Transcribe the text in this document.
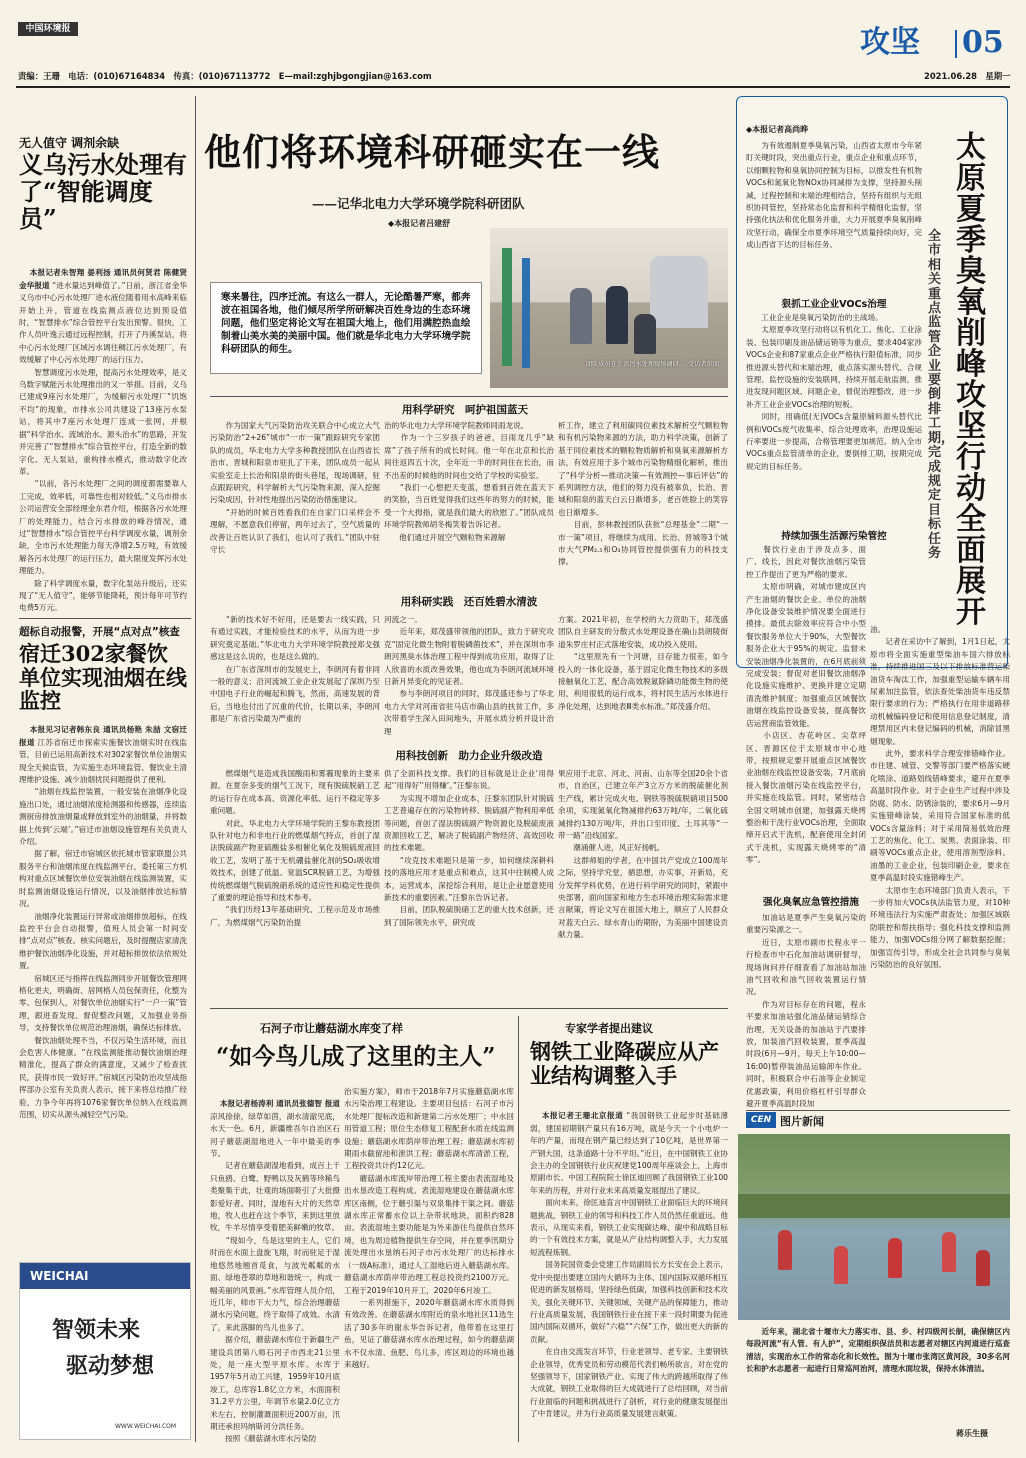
中国环境报	攻坚 05
责编：王珊　电话：(010)67164834　传真：(010)67113772　E—mail:zghjbgongjian@163.com	2021.06.28　星期一
无人值守 调剂余缺
义乌污水处理有了“智能调度员”

本报记者朱智翔 晏利扬 通讯员何贤君 陈健贤 金华报道 “进水量达到峰值了。”日前，浙江省金华义乌市中心污水处理厂进水液位随着用水高峰来临开始上升，管道在线监测点液位达到预设值时，“智慧排水”综合管控平台发出预警。很快，工作人员叶逸云通过远程控制，打开了丹溪泵站，将中心污水处理厂区域污水调往稠江污水处理厂，有效缓解了中心污水处理厂的运行压力。
　　智慧调度污水处理，提高污水处理效率，是义乌数字赋能污水处理推出的又一举措。目前，义乌已建成9座污水处理厂，为缓解污水处理厂“饥饱不均”的现象，市排水公司共建设了13座污水泵站，将其中7座污水处理厂连成一张网，并根据“科学治水、流域治水、源头治水”的思路，开发并完善了“智慧排水”综合管控平台，打造全新的数字化、无人泵站，重构排水模式，推动数字化改革。
　　“以前，各污水处理厂之间的调度都需要靠人工完成，效率低，可靠性也相对较低。”义乌市排水公司运营安全部经理金东君介绍，根据各污水处理厂的处理能力，结合污水排放的峰谷情况，通过“智慧排水”综合管控平台科学调度水量，调剂余缺，全市污水处理能力每天净增2.5万吨，有效缓解各污水处理厂的运行压力，最大限度发挥污水处理能力。
　　除了科学调度水量，数字化泵站升级后，还实现了“无人值守”，能够节能降耗，预计每年可节约电费5万元。

超标自动报警，开展“点对点”核查
宿迁302家餐饮单位实现油烟在线监控

本报见习记者韩东良 通讯员杨艳 朱喆 文宿迁报道 江苏省宿迁市探索实施餐饮油烟实时在线监管，目前已运用高新技术对302家餐饮单位油烟实现全天候监管，为实施生态环境监管、餐饮业主清理维护设施、减少油烟扰民问题提供了便利。
　　“油烟在线监控装置，一般安装在油烟净化设施出口处，通过油烟浓度检测器和传感器，连续监测厨房排放油烟量或释放到室外的油烟量，并将数据上传到‘云端’。”宿迁市油烟设施管理有关负责人介绍。
　　据了解，宿迁市宿城区依托城市管家联盟公共服务平台和油烟浓度在线监测平台，委托第三方机构对重点区域餐饮单位安装油烟在线监测装置，实时监测油烟设施运行情况，以及油烟排放达标情况。
　　油烟净化装置运行异常或油烟排放超标，在线监控平台会自动报警，值班人员会第一时间安排“点对点”核查。核实问题后，及时提醒店家清洗维护餐饮油烟净化设施，并对超标排放依法依规处置。
　　宿城区还与指挥在线监测同步开展餐饮管理网格化更夫，明确街、居网格人员包保责任，化整为零、包保到人，对餐饮单位油烟实行“一户一策”管理，跟进查发现、督促整改问题，又加强业务指导，支持餐饮单位规范治理油烟，确保达标排放。
　　餐饮油烟处理不当，不仅污染生活环境，而且会危害人体健康。“在线监测能推动餐饮油烟治理精准化，提高了群众的满意度，又减少了检查扰民，获得市民一致好评。”宿城区污染防治攻坚战指挥部办公室有关负责人表示，接下来将总结推广经验，力争今年再将1076家餐饮单位纳入在线监测范围，切实从源头减轻空气污染。

WEICHAI
智领未来
驱动梦想
WWW.WEICHAI.COM
他们将环境科研砸实在一线
——记华北电力大学环境学院科研团队
◆本报记者吕建舒
寒来暑往，四序迁流。有这么一群人，无论酷暑严寒，都奔波在祖国各地，他们倾尽所学所研解决百姓身边的生态环境问题，他们坚定将论文写在祖国大地上，他们用满腔热血绘制着山美水美的美丽中国。他们就是华北电力大学环境学院科研团队的师生。
团队成员在生活污水处理现场调研。　受访者供图
用科学研究　呵护祖国蓝天
　　作为国家大气污染防治攻关联合中心成立大气污染防治“2+26”城市“一市一策”跟踪研究专家团队的成员，华北电力大学多种教授团队在山西省长治市、晋城和阳泉市驻扎了下来，团队成员一起从实验室走上长治和阳泉的街头巷尾，现场调研，驻点跟踪研究，科学解析大气污染物来源，深入挖掘污染成因，针对性地提出污染防治措施建议。
　　“开始的时候百姓看我们在自家门口采样会不理解，不愿意我们停留，两年过去了，空气质量的改善让百姓认识了我们，也认可了我们。”团队中驻守长
治的华北电力大学环境学院教师同雨龙说。
　　作为一个三岁孩子的爸爸，目雨龙几乎“缺席”了孩子所有的成长时间。他一年在北京和长治间往返四五十次，全年近一半的时间住在长治，而不出差的时候他的时间也交给了学校的实验室。
　　“我们一心想把天变蓝，想看到百姓在蓝天下的笑脸，当百姓觉得我们这些年的努力的时候，能受一个大拇指，就是我们最大的欣慰了。”团队成员环境学院教师胡冬梅笑着告诉记者。
　　他们通过开展空气颗粒物来源解
析工作，建立了利用碳同位素技术解析空气颗粒物和有机污染物来源的方法，助力科学决策，创新了基于同位素技术的颗粒物质解析和臭氧来源解析方法，有效应用于多个城市污染物精细化解析，推出了“科学分析—推动决策—有效测控—事后评估”的系列调控方法，他们的努力没有被辜负，长治、晋城和阳泉的蓝天白云日渐增多，老百姓脸上的笑容也日渐增多。
　　目前，彭林教授团队获批“总理基金”二期“一市一策”项目，将继续为成用、长治、晋城等3个城市大气PM₂.₅和O₃协同管控提供强有力的科技支撑。
用科研实践　还百姓碧水清波
　　“新的技术好不好用，还是要去一线实践，只有通过实践，才能检验技术的水平，从而为进一步研究奠定基础。”华北电力大学环境学院教授郑戈强感这是这么说的，也是这么做的。
　　在广东省深圳市的发展史上，李朗河有着非同一般的意义；沿河流域工业企业发展起了深圳乃至中国电子行业的崛起和腾飞，然而，高速发展的背后，当地也付出了沉重的代价，长期以来，李朗河都是广东省污染最为严重的
河流之一。
　　近年来，郑茂盛带领他的团队，致力于研究攻克“固定化微生物附着脱磷菌技术”，并在深圳市李朗河黑臭水体治理工程中得到成功应用，取得了让人欣喜的水质改善效果，他也成为李朗河流域环境日新月异变化的见证者。
　　参与李朗河项目的同时，郑茂盛还参与了华北电力大学对河南省驻马店市确山县的扶贫工作，多次带着学生深入田间地头，开展水质分析并设计治理
方案。2021年初，在学校的大力资助下，郑茂盛团队自主研发的分散式水处理设备在确山县朗陵街道朱罗庄村正式落地安装，成功投入使用。
　　“这里原先有一个河塘，目存能力很差，如今投入的一体化设备，基于固定化微生物技术的多级接触氧化工艺，配合高效脱氮除磷功能微生物的使用，利用很低的运行成本，将村民生活污水体进行净化处理，达到地表Ⅲ类水标准。”郑茂盛介绍。
用科技创新　助力企业升级改造
　　燃煤烟气是造成我国酸雨和雾霾现象的主要来源。在夏奈多变的烟气工况下，现有脱硫脱硝工艺的运行存在成本高、资源化率低、运行不稳定等多重问题。
　　对此，华北电力大学环境学院的王黎东教授团队针对电力和非电行业的燃煤烟气特点，首创了湿法脱硫副产物亚硫酸盐多相催化氧化及脱硫废液回收工艺，发明了基于无机硼盐催化剂的SO₂吸收增效技术，创建了低温、宽温SCR脱硝工艺，为增强传统燃煤烟气脱硫脱硝系统的适应性和稳定性提供了重要的理论指导和技术参考。
　　“我们历经13年基础研究、工程示范及市场推广，为燃煤烟气污染防治提
供了全面科技支撑。我们的目标就是让企业‘用得起’‘用得好’‘用得赚’。”汪黎东说。
　　为实现不增加企业成本，汪黎东团队针对脱硫工艺普遍存在的污染物转移、脱硫副产物利用率低等问题，首创了湿法脱硫副产物资源化及脱硫废液资源回收工艺，解决了脱硫副产物经济、高效回收的技术难题。
　　“攻克技术难题只是第一步，如何继续深耕科技的落地应用才是重点和难点，这其中往制模人成本，运营成本，深挖综合利用，是让企业愿意使用新技术的重要因素。”汪黎东告诉记者。
　　目前，团队脱硫脱硝工艺的重大技术创新，还到了国际领先水平，研究成
果应用于北京、河北、河南、山东等全国20余个省市，自治区，已建立年产3立万方米的脱硫催化剂生产线，累计完成火电、钢铁等脱硫脱硝项目500余项，实现氮氧化物减排约63万吨/年，二氧化硫减排约130万吨/年，并出口至印度、土耳其等“一带一路”沿线国家。
　　潮涌催人进，风正好扬帆。
　　这群师姐的学者，在中国共产党成立100周年之际，坚持学究堂，循思想，办实事，开新局，充分发挥学科优势，在进行科学研究的同时，紧跟中央部署，面向国家和地方生态环境治理实际需求建言献策，将论文写在祖国大地上，顺应了人民群众对蓝天白云、绿水青山的期盼，为美丽中国建设贡献力量。
石河子市让蘑菇湖水库变了样
“如今鸟儿成了这里的主人”

本报记者杨涛利 通讯员张德智 报道 凉风徐徐，绿草如茵，湖水清澈见底，水天一色。6月，新疆维吾尔自治区石河子蘑菇湖湿地进入一年中最美的季节。
　　记者在蘑菇湖湿地看到，成百上千只鱼鸥、白鹭、野鸭以及灰鹤等珍稀鸟类聚集于此，壮观的场面吸引了大批摄影爱好者。同时，湿地有大片的天然草地，牧人也赶在这个季节，来到这里放牧，牛羊尽情享受着肥美鲜嫩的牧草。
　　“现如今，鸟是这里的主人，它们时而在水面上盘旋飞翔，时而驻足于湿地悠然地翘首觅食，与波光粼粼的水面、绿地苍翠的草地和谐统一，构成一幅美丽的风景画。”水库管理人员介绍，近几年，师市下大力气，综合治理蘑菇湖水污染问题，终于取得了成效。水清了，来此落脚的鸟儿也多了。
　　据介绍，蘑菇湖水库位于新疆生产建设兵团第八师石河子市西北21公里处，是一座大型平原水库。水库于1957年5月动工兴建，1959年10月底竣工，总库容1.8亿立方米，水面面积31.2平方公里，年调节水量2.0亿立方米左右，控制灌溉面积近200万亩，汛期还承担玛纳斯河分洪任务。
　　按照《蘑菇湖水库水污染防

治实施方案》，师市于2018年7月实施蘑菇湖水库水污染治理工程建设。主要项目包括：石河子市污水处理厂提标改造和新建第二污水处理厂；中水回用管道工程；原位生态修复工程配套水质在线监测设施；蘑菇湖水库荫岸带治理工程；蘑菇湖水库初期雨水截留池和泄洪工程；蘑菇湖水库清淤工程，工程投资共计约12亿元。
　　蘑菇湖水库流岸带治理工程主要由表流湿地及出水垦改造工程构成。表流湿地建设在蘑菇湖水库库区南侧，位于蘑引渠与双泉集排干渠之间。蘑菇湖水库正常蓄水位以上杂带状地块，面积约828亩。表流湿地主要功能是为外来游往鸟提供自然环境，也为周边植物提供生存空间，并在夏季汛期分流处理出水垦纳石河子市污水处理厂的达标排水（一级A标准），通过人工湿地后进入蘑菇湖水库。蘑菇湖水库荫岸带治理工程总投资约2100万元。工程于2019年10月开工，2020年6月竣工。
　　一系列措施下，2020年蘑菇湖水库水质得到有效改善。在蘑菇湖水库附近的泉水地社区11选生活了30多年的谢永华告诉记者，他带着在这里打鱼，见证了蘑菇湖水库水治理过程，如今的蘑菇湖水不仅水清、鱼肥、鸟儿多，库区周边的环境也越来越好。
专家学者提出建议
钢铁工业降碳应从产业结构调整入手

本报记者王珊北京报道 “我国钢铁工业起步时基础薄弱，建国初期钢产量只有16万吨，就是今天一个小电炉一年的产量，而现在钢产量已经达到了10亿吨，是世界第一产钢大国，这条道路十分不平坦。”近日，在中国钢铁工业协会主办的全国钢铁行业庆祝建党100周年座谈会上，上海市原副市长、中国工程院院士徐匡迪回顾了我国钢铁工业100年来的历程，并对行业未来高质量发展提出了建议。
　　面向未来，徐匡迪直言中国钢铁工业面临巨大的环境问题挑战，钢铁工业的领导和科技工作人员仍然任重道远。他表示，从现实来看，钢铁工业实现碳达峰、碳中和战略目标的一个有效技术方案，就是从产业结构调整入手，大力发展短流程炼钢。
　　国务院国资委会党建工作局副局长方长安在会上表示，党中央提出要建立国内大循环为主体、国内国际双循环相互促进的新发展格局，坚持绿色低碳，加强科技创新和技术攻关，强化关键环节、关键领域、关键产品的保障能力，推动行业高质量发展，我国钢铁行业在接下来一段时期要为促进国内国际双循环，做好“六稳”“六保”工作，做出更大的新的贡献。
　　在自由交流发言环节，行业老领导、老专家、主要钢铁企业领导，优秀党员和劳动模范代表们畅所欲言，对在党的坚强领导下，国家钢铁产业、实现了伟大的跨越所取得了伟大成就，钢铁工业取得的巨大成就进行了总结回顾，对当前行业面临的问题和挑战进行了剖析，对行业的健康发展提出了中肯建议，并为行业高质量发展建言献策。

◆本报记者高尚晔
太原夏季臭氧削峰攻坚行动全面展开
全市相关重点监管企业要倒排工期，完成规定目标任务
　　为有效遏制夏季臭氧污染，山西省太原市今年紧盯关键时段，突出重点行业，重点企业和重点环节，以细颗粒物和臭氧协同控制为目标，以推发性有机物VOCs和氮氧化物NOx协同减排为支撑，坚持源头削减，过程控制和末端治理相结合，坚持有组织与无组织协同管控，坚持常态化监督和科学精细化监督，坚持强化执法和优化服务并重，大力开展夏季臭氧削峰攻坚行动，确保全市夏季环境空气质量持续向好，完成山西省下达的目标任务。
狠抓工业企业VOCs治理
　　工业企业是臭氧污染防治的主战场。
　　太原夏季攻坚行动将以有机化工、焦化、工业涂装、包装印刷及油品储运销等为重点，要求404家涉VOCs企业和87家重点企业严格执行限值标准，同步推进源头替代和末端治理，重点落实源头替代、合规管理、监控设施的安装联网，持续开展走航监测，推进发现问题区域、问题企业，督促治理整改，进一步补齐工业企业VOCs治理的短板。
　　同时，用确低(无)VOCs含量原辅料源头替代比例和VOCs废气收集率、综合处理效率，治理设施运行率要进一步提高，合格管理要更加规范。纳入全市VOCs重点监管清单的企业，要倒排工期，按期完成规定的目标任务。
持续加强生活源污染管控
　　餐饮行业由于涉及点多、面广、线长，因此对餐饮油烟污染管控工作提出了更为严格的要求。
　　太原市明确，对城市建成区内产生油烟的餐饮企业、单位的油烟净化设备安装维护情况要全面进行摸排。最低去除效率应符合中小型餐饮服务单位大于90%，大型餐饮服务企业大于95%的规定。监督未安装油烟净化装置的，在6月底前须完成安装；督促对老旧餐饮油烟净化设施实施维护、更换并建立定期清洗维护制度；加强重点区域餐饮油烟在线监控设备安装，提高餐饮店运营商监管效能。
　　小店区、杏花岭区、尖草坪区、晋源区位于太原城市中心地带，按照规定要开展重点区域餐饮业油烟在线监控设备安装，7月底前接入餐饮油烟污染在线监控平台，并实施在线监管。同时，紧密结合全国文明城市创建，加强露天烧烤整治和干洗行业VOCs治理，全面取缔开启式干洗机，配套使用全封闭式干洗机，实现露天烧烤零的“清零”。
强化臭氧应急管控措施
　　加油站是夏季产生臭氧污染的重要污染源之一。
　　近日，太原市副市长程永平一行检查市中石化加油站调研督导，现场询问并仔细查看了加油站加油油气回收和油气回收装置运行情况。
　　作为对目标存在的问题，程永平要求加油站强化油品储运销综合治理，无关设备的加油站于汽要排放，加装油汽回收装置，夏季高温时段(6月—9月，每天上午10:00—16:00)暂停装油品运输卸车作业。同时，积极联合中石油等企业制定优惠政策，利用价格杠杆引导群众避开夏季高温时段加
油。
　　记者在采访中了解到，1月1日起，太原市将全面实施重型柴油车国六排放标准，持续推进国三及以下排放标准营运柴油货车淘汰工作，加强重型运输车辆车用尿素加注监管，依法查处柴油货车违反禁限行要求的行为；严格执行在用非道路移动机械编码登记和使用信息登记制度，清理禁用区内未登记编码的机械，消除冒黑烟现象。
　　此外，要求科学合理安排错峰作业。市住建、城管、交警等部门要严格落实硬化喷涂、道路划线错峰要求，避开在夏季高温时段作业。对于企业生产过程中涉及防腐、防水、防锈涂装的，要求6月—9月实施错峰涂装，采用符合国家标准的低VOCs含量涂料；对于采用简易低效治理工艺的焦化、化工、炭黑、表面涂装、印刷等VOCs重点企业，使用溶剂型涂料、油墨的工业企业，包装印刷企业，要求在夏季高温时段实施错峰生产。
　　太原市生态环境部门负责人表示，下一步将加大VOCs执法监管力度，对10种环境违法行为实施严肃查处；加强区域联防联控和帮扶指导；强化科技支撑和监测能力，加强VOCs组分网了解数据挖掘；加强宣传引导，形成全社会共同参与臭氧污染防治的良好氛围。
CEN 图片新闻
　　近年来，湖北省十堰市大力落实市、县、乡、村四级河长制，确保辖区内每段河流“有人管、有人护”，定期组织保洁员和志愿者对辖区内河道进行巡查清洁，实现治水工作的常态化和长效性。图为十堰市张湾区黄河段，30多名河长和护水志愿者一起进行日常巡河治河，清理水面垃圾，保持水体清洁。
蒋乐生摄
